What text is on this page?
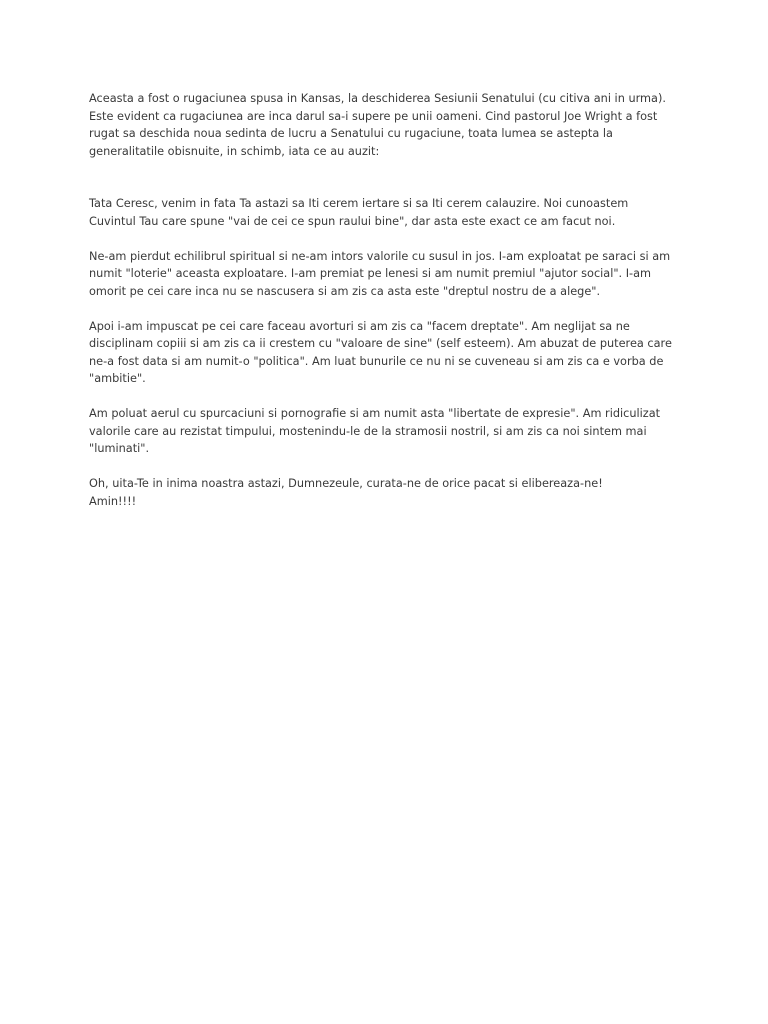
Aceasta a fost o rugaciunea spusa in Kansas, la deschiderea Sesiunii Senatului (cu citiva ani in urma).
Este evident ca rugaciunea are inca darul sa-i supere pe unii oameni. Cind pastorul Joe Wright a fost
rugat sa deschida noua sedinta de lucru a Senatului cu rugaciune, toata lumea se astepta la
generalitatile obisnuite, in schimb, iata ce au auzit:

Tata Ceresc, venim in fata Ta astazi sa Iti cerem iertare si sa Iti cerem calauzire. Noi cunoastem
Cuvintul Tau care spune "vai de cei ce spun raului bine", dar asta este exact ce am facut noi.

Ne-am pierdut echilibrul spiritual si ne-am intors valorile cu susul in jos. I-am exploatat pe saraci si am
numit "loterie" aceasta exploatare. I-am premiat pe lenesi si am numit premiul "ajutor social". I-am
omorit pe cei care inca nu se nascusera si am zis ca asta este "dreptul nostru de a alege".

Apoi i-am impuscat pe cei care faceau avorturi si am zis ca "facem dreptate". Am neglijat sa ne
disciplinam copiii si am zis ca ii crestem cu "valoare de sine" (self esteem). Am abuzat de puterea care
ne-a fost data si am numit-o "politica". Am luat bunurile ce nu ni se cuveneau si am zis ca e vorba de
"ambitie".

Am poluat aerul cu spurcaciuni si pornografie si am numit asta "libertate de expresie". Am ridiculizat
valorile care au rezistat timpului, mostenindu-le de la stramosii nostril, si am zis ca noi sintem mai
"luminati".

Oh, uita-Te in inima noastra astazi, Dumnezeule, curata-ne de orice pacat si elibereaza-ne!
Amin!!!!
